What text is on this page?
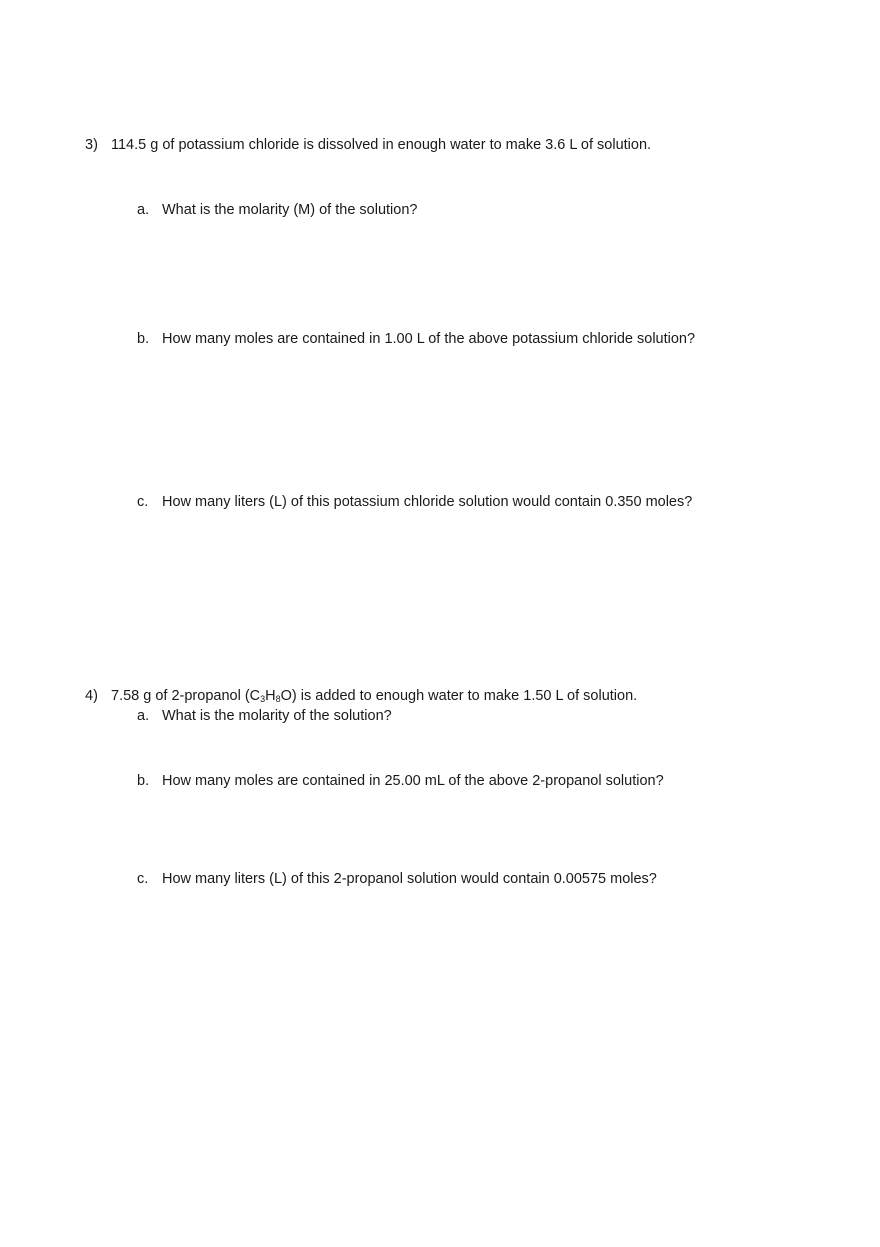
3) 114.5 g of potassium chloride is dissolved in enough water to make 3.6 L of solution.
a. What is the molarity (M) of the solution?
b. How many moles are contained in 1.00 L of the above potassium chloride solution?
c. How many liters (L) of this potassium chloride solution would contain 0.350 moles?
4) 7.58 g of 2-propanol $(C_3H_8O)$ is added to enough water to make 1.50 L of solution.
a. What is the molarity of the solution?
b. How many moles are contained in 25.00 mL of the above 2-propanol solution?
c. How many liters (L) of this 2-propanol solution would contain 0.00575 moles?
